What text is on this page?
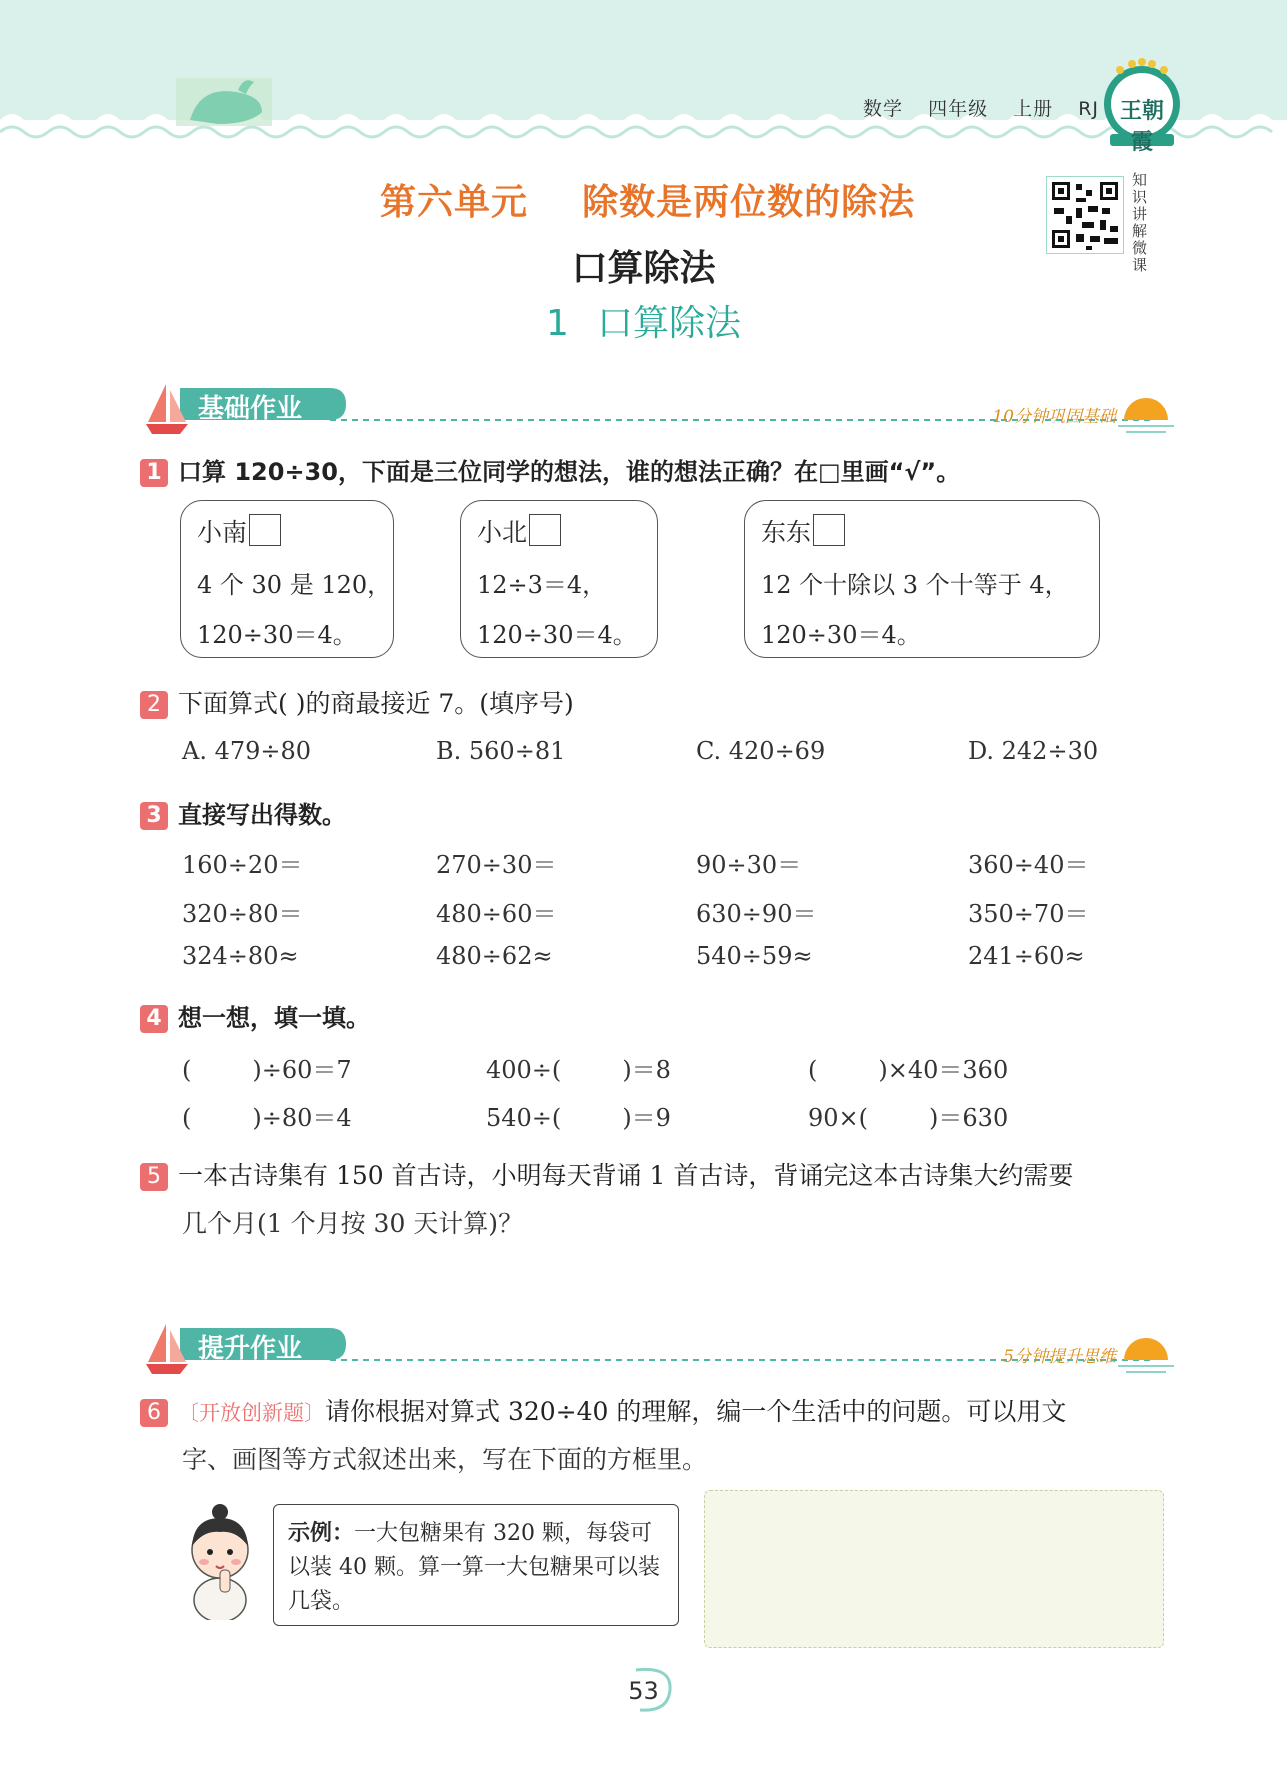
数学 四年级 上册 RJ 王朝霞
第六单元    除数是两位数的除法
口算除法
1 口算除法
知识讲解微课
基础作业	10分钟巩固基础
1 口算 120÷30，下面是三位同学的想法，谁的想法正确？在□里画“√”。
小南
4 个 30 是 120，
120÷30＝4。
小北
12÷3＝4，
120÷30＝4。
东东
12 个十除以 3 个十等于 4，
120÷30＝4。
2 下面算式( )的商最接近 7。(填序号)
A. 479÷80	B. 560÷81	C. 420÷69	D. 242÷30
3 直接写出得数。
160÷20＝	270÷30＝	90÷30＝	360÷40＝
320÷80＝	480÷60＝	630÷90＝	350÷70＝
324÷80≈	480÷62≈	540÷59≈	241÷60≈
4 想一想，填一填。
(        )÷60＝7	400÷(        )＝8	(        )×40＝360
(        )÷80＝4	540÷(        )＝9	90×(        )＝630
5 一本古诗集有 150 首古诗，小明每天背诵 1 首古诗，背诵完这本古诗集大约需要
几个月(1 个月按 30 天计算)？
提升作业	5分钟提升思维
6 〔开放创新题〕请你根据对算式 320÷40 的理解，编一个生活中的问题。可以用文
字、画图等方式叙述出来，写在下面的方框里。
示例：一大包糖果有 320 颗，每袋可以装 40 颗。算一算一大包糖果可以装几袋。
53
